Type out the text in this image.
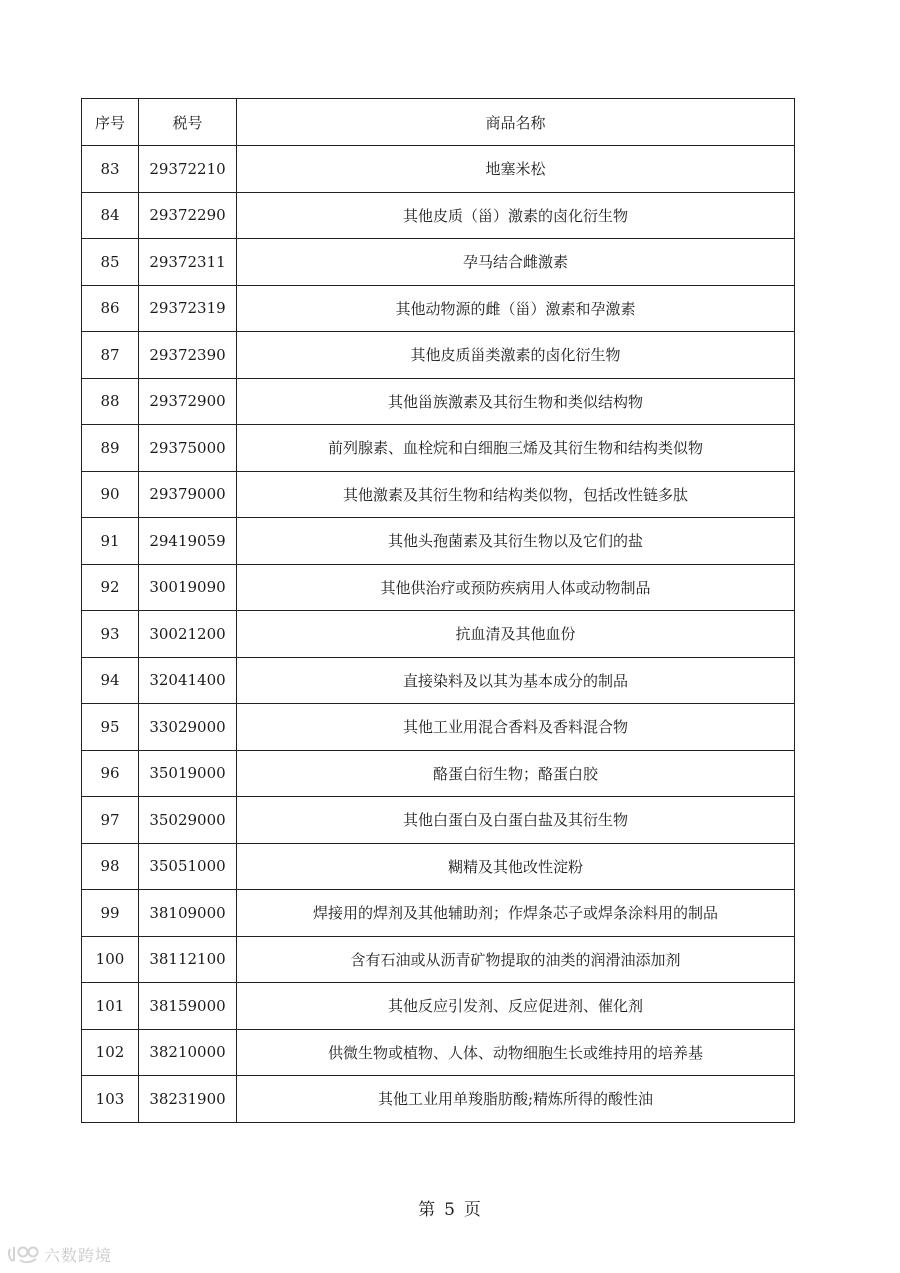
序号	税号	商品名称
83	29372210	地塞米松
84	29372290	其他皮质（甾）激素的卤化衍生物
85	29372311	孕马结合雌激素
86	29372319	其他动物源的雌（甾）激素和孕激素
87	29372390	其他皮质甾类激素的卤化衍生物
88	29372900	其他甾族激素及其衍生物和类似结构物
89	29375000	前列腺素、血栓烷和白细胞三烯及其衍生物和结构类似物
90	29379000	其他激素及其衍生物和结构类似物，包括改性链多肽
91	29419059	其他头孢菌素及其衍生物以及它们的盐
92	30019090	其他供治疗或预防疾病用人体或动物制品
93	30021200	抗血清及其他血份
94	32041400	直接染料及以其为基本成分的制品
95	33029000	其他工业用混合香料及香料混合物
96	35019000	酪蛋白衍生物；酪蛋白胶
97	35029000	其他白蛋白及白蛋白盐及其衍生物
98	35051000	糊精及其他改性淀粉
99	38109000	焊接用的焊剂及其他辅助剂；作焊条芯子或焊条涂料用的制品
100	38112100	含有石油或从沥青矿物提取的油类的润滑油添加剂
101	38159000	其他反应引发剂、反应促进剂、催化剂
102	38210000	供微生物或植物、人体、动物细胞生长或维持用的培养基
103	38231900	其他工业用单羧脂肪酸;精炼所得的酸性油
第 5 页
六数跨境
